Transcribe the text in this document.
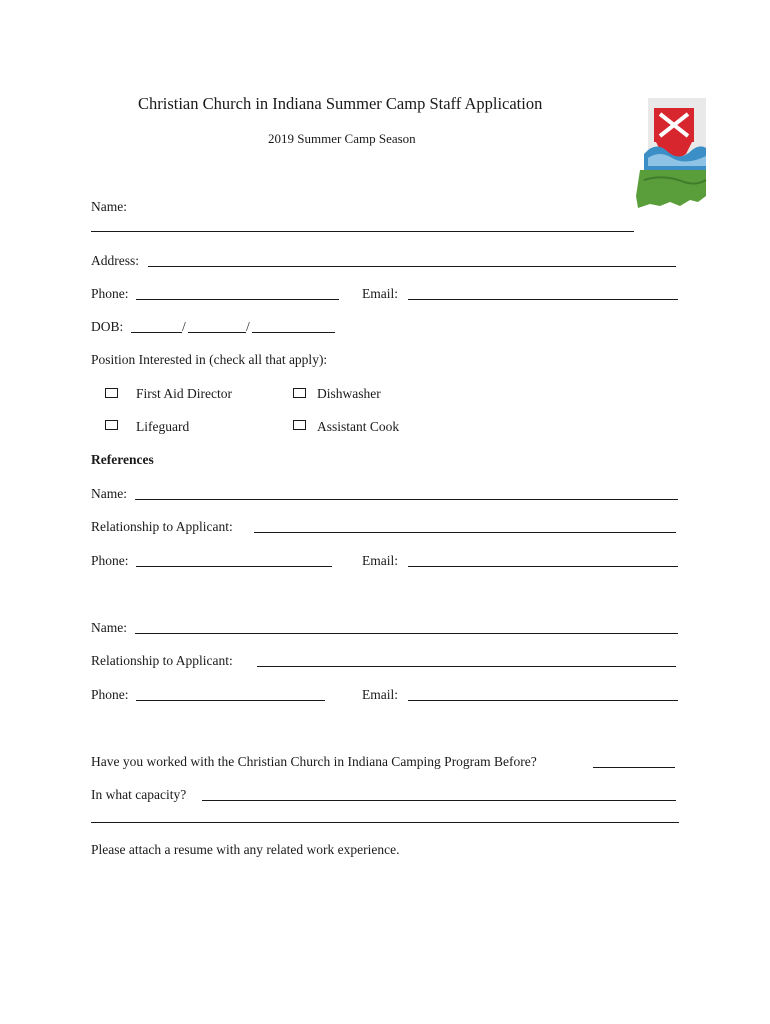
Christian Church in Indiana Summer Camp Staff Application
2019 Summer Camp Season
Name:
Address:
Phone:	Email:
DOB:	/	/
Position Interested in (check all that apply):
First Aid Director	Dishwasher
Lifeguard	Assistant Cook
References
Name:
Relationship to Applicant:
Phone:	Email:
Name:
Relationship to Applicant:
Phone:	Email:
Have you worked with the Christian Church in Indiana Camping Program Before?
In what capacity?
Please attach a resume with any related work experience.
